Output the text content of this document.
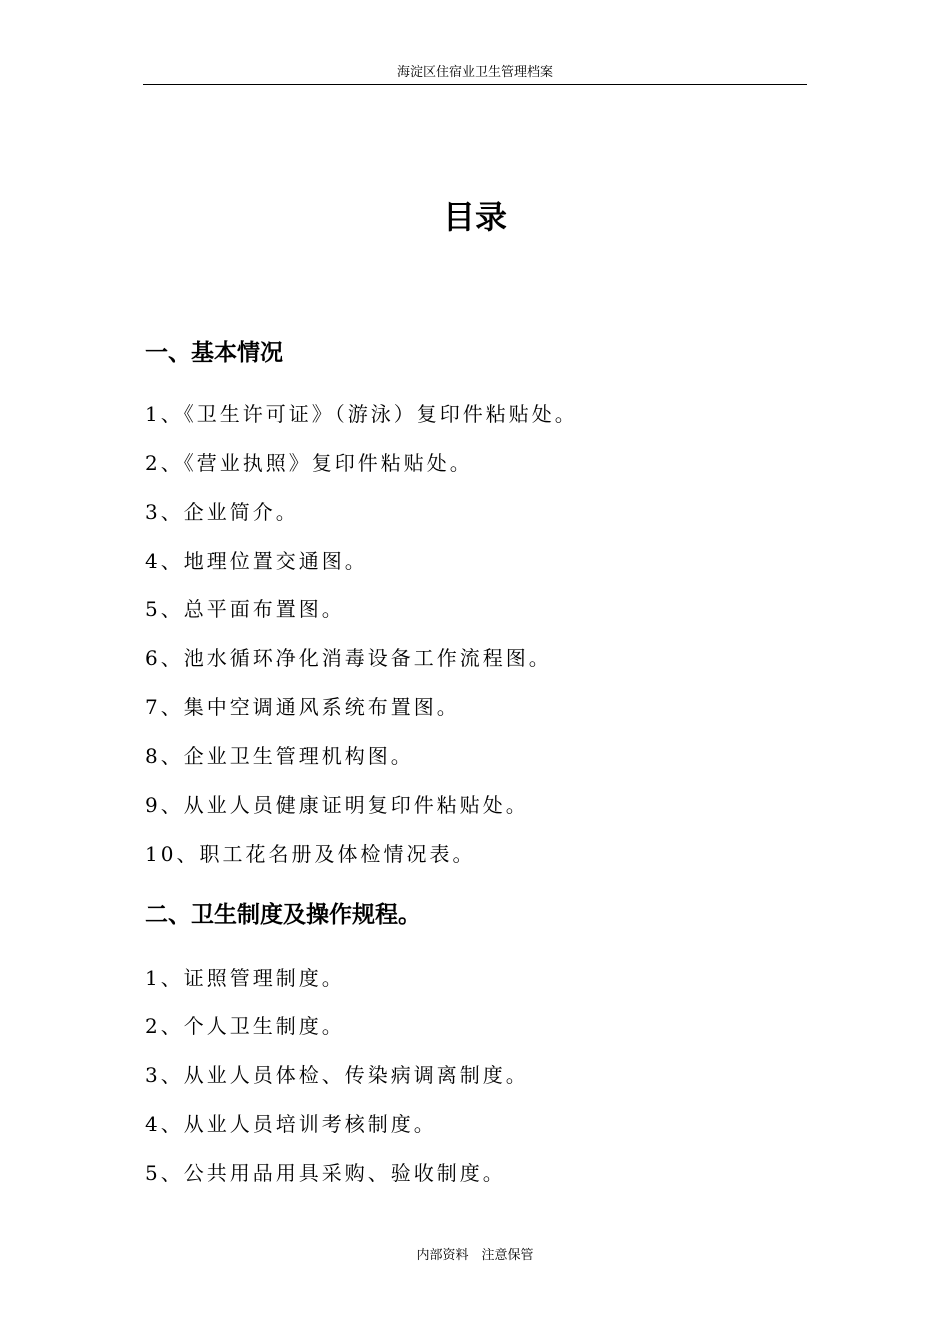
海淀区住宿业卫生管理档案
目录
一、基本情况
1、《卫生许可证》（游泳）复印件粘贴处。
2、《营业执照》复印件粘贴处。
3、企业简介。
4、地理位置交通图。
5、总平面布置图。
6、池水循环净化消毒设备工作流程图。
7、集中空调通风系统布置图。
8、企业卫生管理机构图。
9、从业人员健康证明复印件粘贴处。
10、职工花名册及体检情况表。
二、卫生制度及操作规程。
1、证照管理制度。
2、个人卫生制度。
3、从业人员体检、传染病调离制度。
4、从业人员培训考核制度。
5、公共用品用具采购、验收制度。
内部资料　注意保管
